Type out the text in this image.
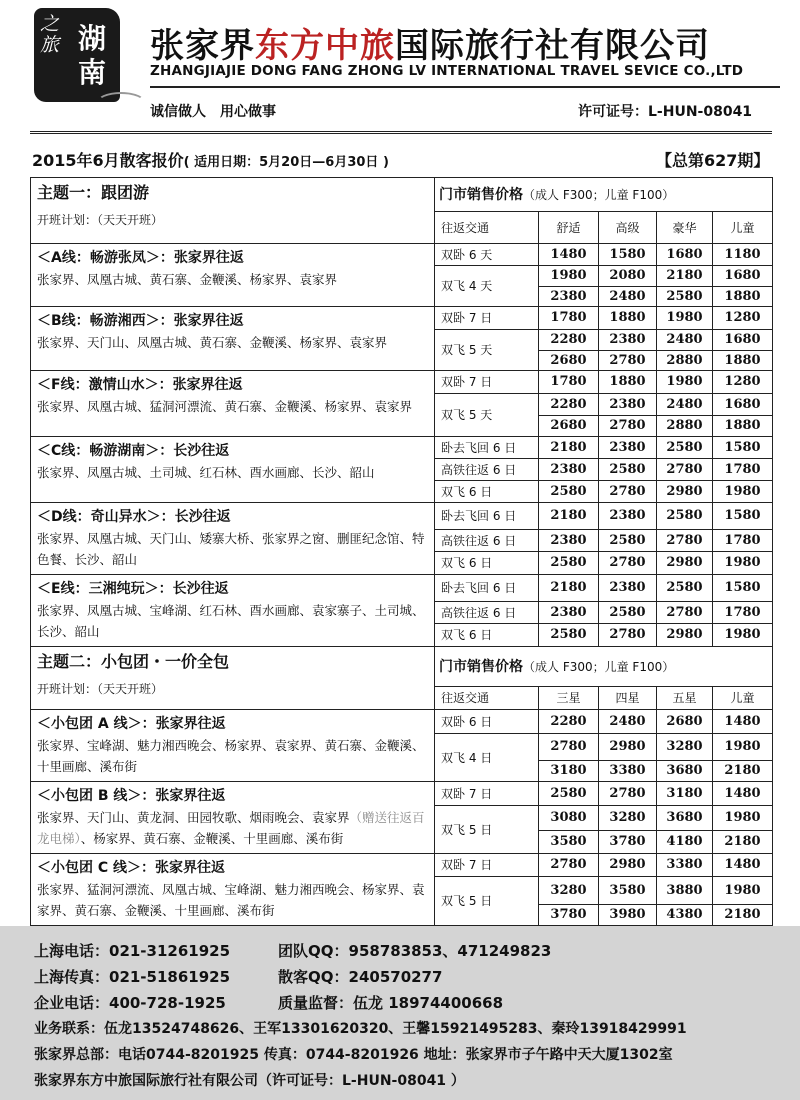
之旅 湖南
张家界东方中旅国际旅行社有限公司
ZHANGJIAJIE DONG FANG ZHONG LV INTERNATIONAL TRAVEL SEVICE CO.,LTD
诚信做人　用心做事	许可证号：L-HUN-08041
2015年6月散客报价( 适用日期：5月20日—6月30日 )	【总第627期】
主题一：跟团游
开班计划：（天天开班）	门市销售价格（成人 F300；儿童 F100）				
	往返交通	舒适	高级	豪华	儿童

＜A线：畅游张凤＞：张家界往返
张家界、凤凰古城、黄石寨、金鞭溪、杨家界、袁家界	双卧 6 天	1480	1580	1680	1180
	双飞 4 天	1980	2080	2180	1680
		2380	2480	2580	1880

＜B线：畅游湘西＞：张家界往返
张家界、天门山、凤凰古城、黄石寨、金鞭溪、杨家界、袁家界	双卧 7 日	1780	1880	1980	1280
	双飞 5 天	2280	2380	2480	1680
		2680	2780	2880	1880

＜F线：激情山水＞：张家界往返
张家界、凤凰古城、猛洞河漂流、黄石寨、金鞭溪、杨家界、袁家界	双卧 7 日	1780	1880	1980	1280
	双飞 5 天	2280	2380	2480	1680
		2680	2780	2880	1880

＜C线：畅游湖南＞：长沙往返
张家界、凤凰古城、土司城、红石林、酉水画廊、长沙、韶山	卧去飞回 6 日	2180	2380	2580	1580
	高铁往返 6 日	2380	2580	2780	1780
	双飞 6 日	2580	2780	2980	1980

＜D线：奇山异水＞：长沙往返
张家界、凤凰古城、天门山、矮寨大桥、张家界之窗、删匪纪念馆、特色餐、长沙、韶山	卧去飞回 6 日	2180	2380	2580	1580
	高铁往返 6 日	2380	2580	2780	1780
	双飞 6 日	2580	2780	2980	1980

＜E线：三湘纯玩＞：长沙往返
张家界、凤凰古城、宝峰湖、红石林、酉水画廊、袁家寨子、土司城、长沙、韶山	卧去飞回 6 日	2180	2380	2580	1580
	高铁往返 6 日	2380	2580	2780	1780
	双飞 6 日	2580	2780	2980	1980

主题二：小包团・一价全包
开班计划：（天天开班）	门市销售价格（成人 F300；儿童 F100）				
	往返交通	三星	四星	五星	儿童

＜小包团 A 线＞：张家界往返
张家界、宝峰湖、魅力湘西晚会、杨家界、袁家界、黄石寨、金鞭溪、十里画廊、溪布街	双卧 6 日	2280	2480	2680	1480
	双飞 4 日	2780	2980	3280	1980
		3180	3380	3680	2180

＜小包团 B 线＞：张家界往返
张家界、天门山、黄龙洞、田园牧歌、烟雨晚会、袁家界（赠送往返百龙电梯）、杨家界、黄石寨、金鞭溪、十里画廊、溪布街	双卧 7 日	2580	2780	3180	1480
	双飞 5 日	3080	3280	3680	1980
		3580	3780	4180	2180

＜小包团 C 线＞：张家界往返
张家界、猛洞河漂流、凤凰古城、宝峰湖、魅力湘西晚会、杨家界、袁家界、黄石寨、金鞭溪、十里画廊、溪布街	双卧 7 日	2780	2980	3380	1480
	双飞 5 日	3280	3580	3880	1980
		3780	3980	4380	2180
上海电话：021-31261925	团队QQ：958783853、471249823
上海传真：021-51861925	散客QQ：240570277
企业电话：400-728-1925	质量监督：伍龙 18974400668
业务联系：伍龙13524748626、王军13301620320、王馨15921495283、秦玲13918429991
张家界总部：电话0744-8201925 传真：0744-8201926 地址：张家界市子午路中天大厦1302室
张家界东方中旅国际旅行社有限公司（许可证号：L-HUN-08041 ）
